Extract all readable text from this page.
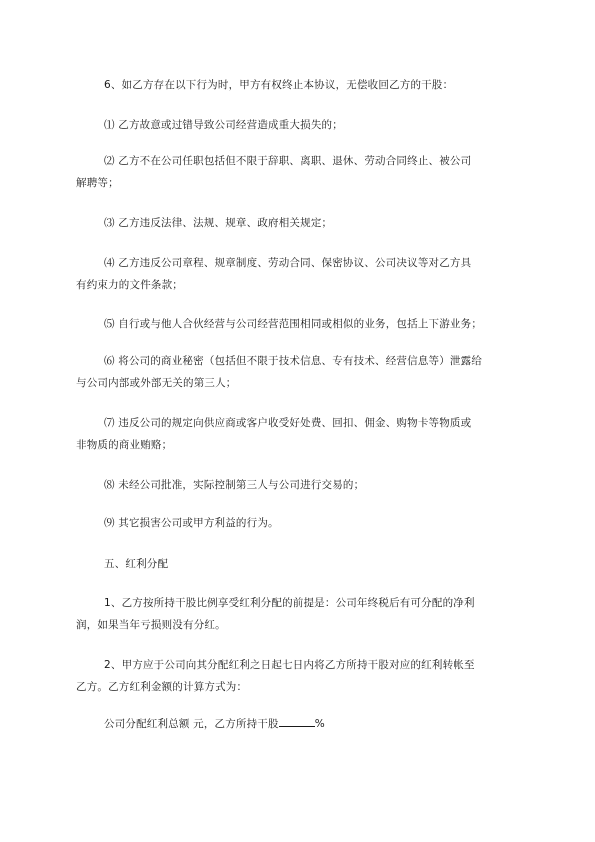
6、如乙方存在以下行为时，甲方有权终止本协议，无偿收回乙方的干股：

⑴ 乙方故意或过错导致公司经营造成重大损失的；

⑵ 乙方不在公司任职包括但不限于辞职、离职、退休、劳动合同终止、被公司
解聘等；

⑶ 乙方违反法律、法规、规章、政府相关规定；

⑷ 乙方违反公司章程、规章制度、劳动合同、保密协议、公司决议等对乙方具
有约束力的文件条款；

⑸ 自行或与他人合伙经营与公司经营范围相同或相似的业务，包括上下游业务；

⑹ 将公司的商业秘密（包括但不限于技术信息、专有技术、经营信息等）泄露给
与公司内部或外部无关的第三人；

⑺ 违反公司的规定向供应商或客户收受好处费、回扣、佣金、购物卡等物质或
非物质的商业贿赂；

⑻ 未经公司批准，实际控制第三人与公司进行交易的；

⑼ 其它损害公司或甲方利益的行为。

五、红利分配

1、乙方按所持干股比例享受红利分配的前提是：公司年终税后有可分配的净利
润，如果当年亏损则没有分红。

2、甲方应于公司向其分配红利之日起七日内将乙方所持干股对应的红利转帐至
乙方。乙方红利金额的计算方式为：

公司分配红利总额 元，乙方所持干股	%
